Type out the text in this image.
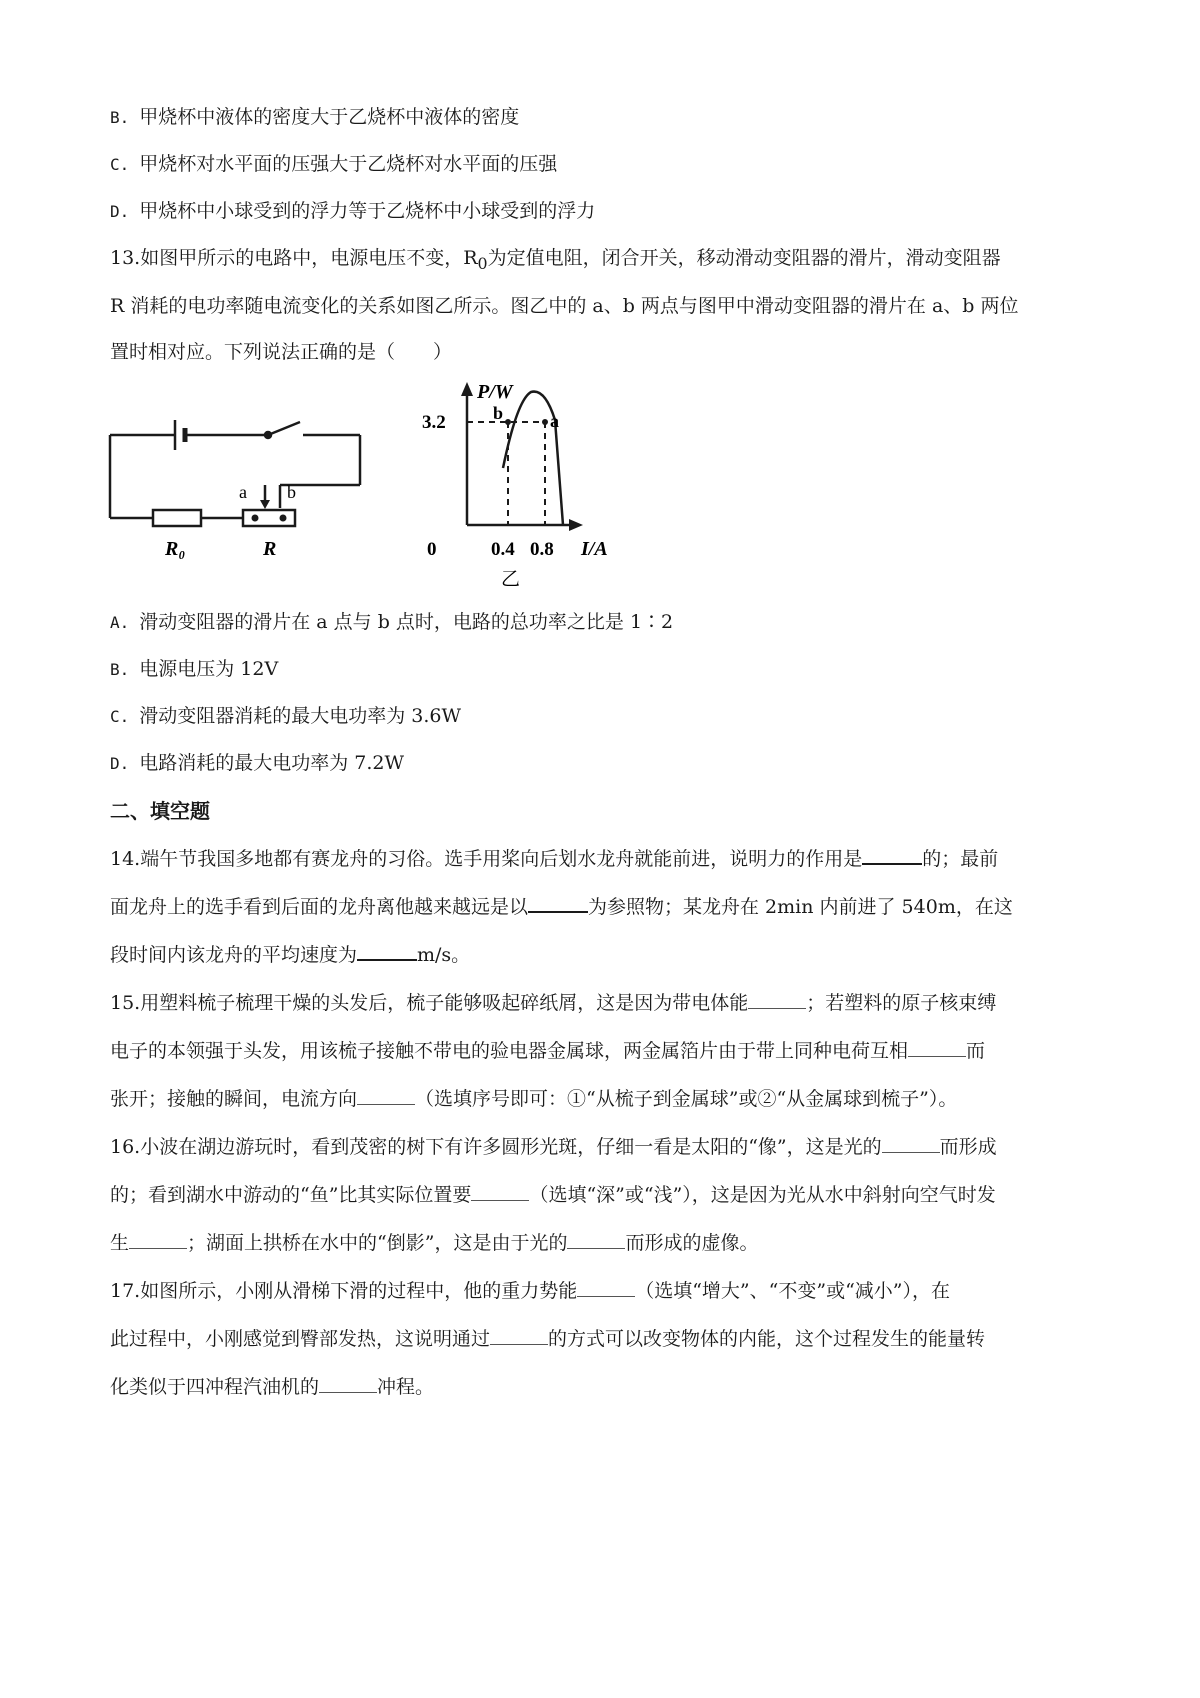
B. 甲烧杯中液体的密度大于乙烧杯中液体的密度
C. 甲烧杯对水平面的压强大于乙烧杯对水平面的压强
D. 甲烧杯中小球受到的浮力等于乙烧杯中小球受到的浮力
13.如图甲所示的电路中，电源电压不变，$R_0$为定值电阻，闭合开关，移动滑动变阻器的滑片，滑动变阻器
R 消耗的电功率随电流变化的关系如图乙所示。图乙中的 a、b 两点与图甲中滑动变阻器的滑片在 a、b 两位
置时相对应。下列说法正确的是（　　）
a b
R₀	R
P/W
3.2	b	a
0	0.4 0.8 I/A
乙
A. 滑动变阻器的滑片在 a 点与 b 点时，电路的总功率之比是 1∶2
B. 电源电压为 12V
C. 滑动变阻器消耗的最大电功率为 3.6W
D. 电路消耗的最大电功率为 7.2W
二、填空题
14.端午节我国多地都有赛龙舟的习俗。选手用桨向后划水龙舟就能前进，说明力的作用是	的；最前
面龙舟上的选手看到后面的龙舟离他越来越远是以	为参照物；某龙舟在 2min 内前进了 540m，在这
段时间内该龙舟的平均速度为	m/s。
15.用塑料梳子梳理干燥的头发后，梳子能够吸起碎纸屑，这是因为带电体能	；若塑料的原子核束缚
电子的本领强于头发，用该梳子接触不带电的验电器金属球，两金属箔片由于带上同种电荷互相	而
张开；接触的瞬间，电流方向	（选填序号即可：①“从梳子到金属球”或②“从金属球到梳子”）。
16.小波在湖边游玩时，看到茂密的树下有许多圆形光斑，仔细一看是太阳的“像”，这是光的	而形成
的；看到湖水中游动的“鱼”比其实际位置要	（选填“深”或“浅”），这是因为光从水中斜射向空气时发
生	；湖面上拱桥在水中的“倒影”，这是由于光的	而形成的虚像。
17.如图所示，小刚从滑梯下滑的过程中，他的重力势能	（选填“增大”、“不变”或“减小”），在
此过程中，小刚感觉到臀部发热，这说明通过	的方式可以改变物体的内能，这个过程发生的能量转
化类似于四冲程汽油机的	冲程。
